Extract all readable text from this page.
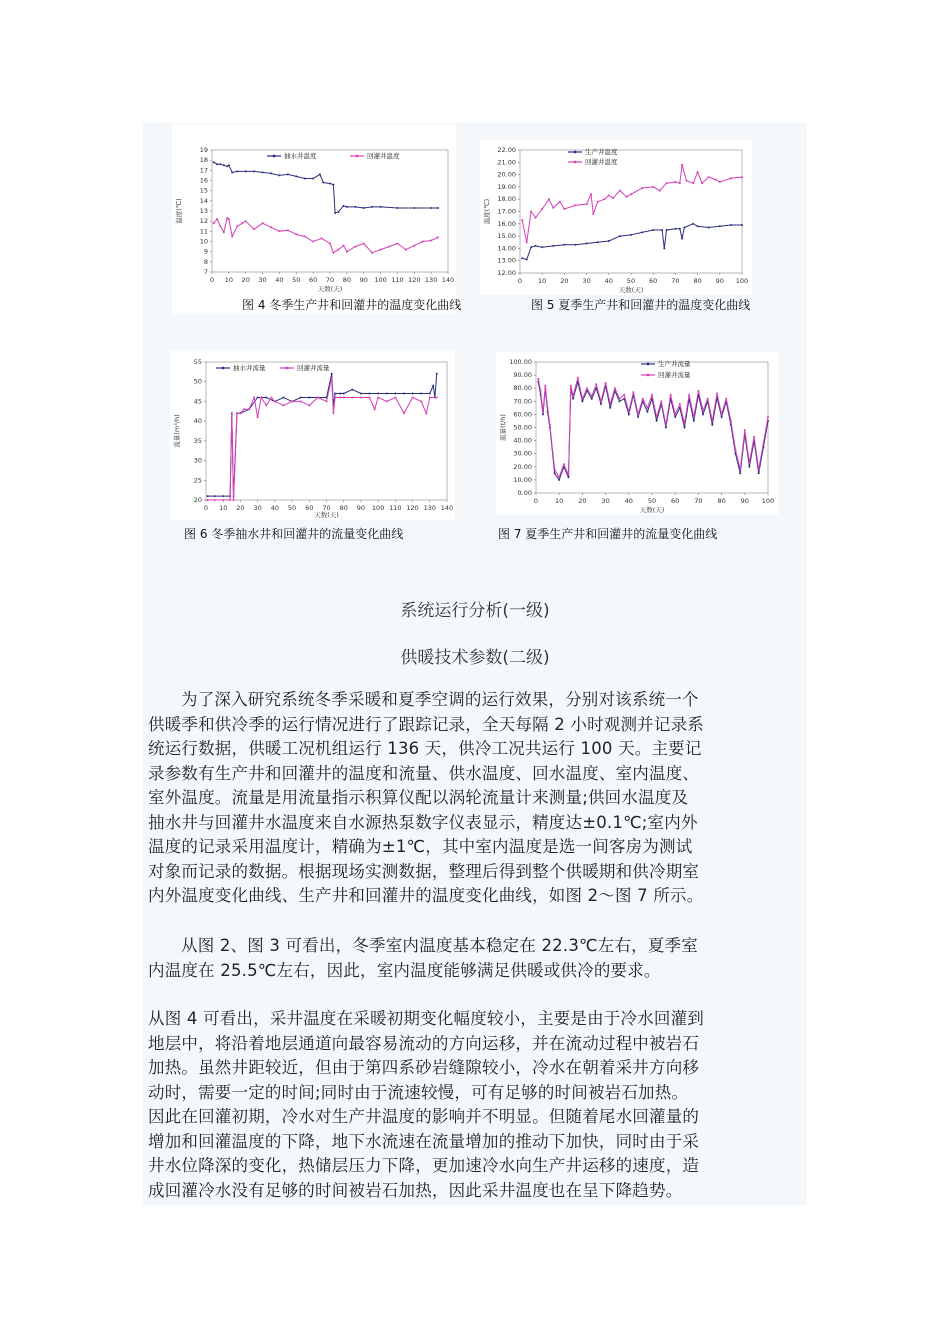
7
8
9
10
11
12
13
14
15
16
17
18
19
0 10 20 30 40 50 60 70 80 90 100 110 120 130 140
天数(天)
温度(℃)
抽水井温度	回灌井温度
图 4 冬季生产井和回灌井的温度变化曲线
12.00
13.00
14.00
15.00
16.00
17.00
18.00
19.00
20.00
21.00
22.00
0 10 20 30 40 50 60 70 80 90 100
天数(天)
温度(℃)
生产井温度
回灌井温度
图 5 夏季生产井和回灌井的温度变化曲线
20
25
30
35
40
45
50
55
0 10 20 30 40 50 60 70 80 90 100 110 120 130 140
天数(天)
流量(m³/h)
抽水井流量	回灌井流量
图 6 冬季抽水井和回灌井的流量变化曲线
0.00
10.00
20.00
30.00
40.00
50.00
60.00
70.00
80.00
90.00
100.00
0	10 20 30 40 50 60 70 80 90 100
天数(天)
流量(t/h)
生产井流量
回灌井流量
图 7 夏季生产井和回灌井的流量变化曲线
系统运行分析(一级)
供暖技术参数(二级)
为了深入研究系统冬季采暖和夏季空调的运行效果，分别对该系统一个
供暖季和供冷季的运行情况进行了跟踪记录，全天每隔 2 小时观测并记录系
统运行数据，供暖工况机组运行 136 天，供冷工况共运行 100 天。主要记
录参数有生产井和回灌井的温度和流量、供水温度、回水温度、室内温度、
室外温度。流量是用流量指示积算仪配以涡轮流量计来测量;供回水温度及
抽水井与回灌井水温度来自水源热泵数字仪表显示，精度达±0.1℃;室内外
温度的记录采用温度计，精确为±1℃，其中室内温度是选一间客房为测试
对象而记录的数据。根据现场实测数据，整理后得到整个供暖期和供冷期室
内外温度变化曲线、生产井和回灌井的温度变化曲线，如图 2～图 7 所示。
从图 2、图 3 可看出，冬季室内温度基本稳定在 22.3℃左右，夏季室
内温度在 25.5℃左右，因此，室内温度能够满足供暖或供冷的要求。
从图 4 可看出，采井温度在采暖初期变化幅度较小，主要是由于冷水回灌到
地层中，将沿着地层通道向最容易流动的方向运移，并在流动过程中被岩石
加热。虽然井距较近，但由于第四系砂岩缝隙较小，冷水在朝着采井方向移
动时，需要一定的时间;同时由于流速较慢，可有足够的时间被岩石加热。
因此在回灌初期，冷水对生产井温度的影响并不明显。但随着尾水回灌量的
增加和回灌温度的下降，地下水流速在流量增加的推动下加快，同时由于采
井水位降深的变化，热储层压力下降，更加速冷水向生产井运移的速度，造
成回灌冷水没有足够的时间被岩石加热，因此采井温度也在呈下降趋势。
